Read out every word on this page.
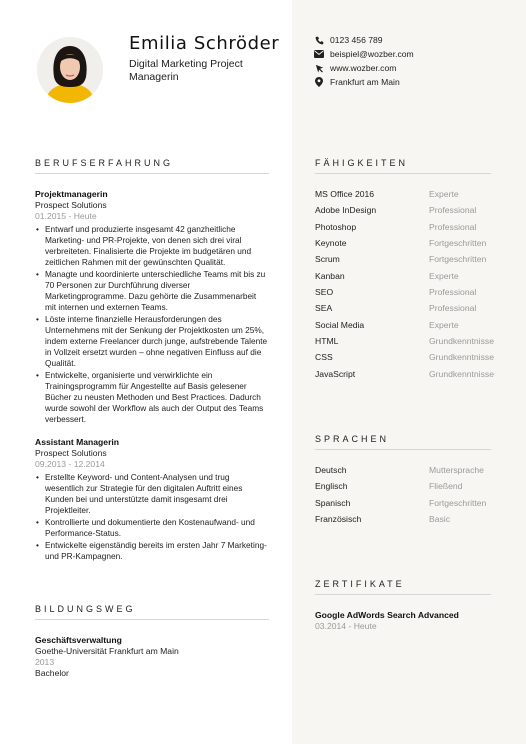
Emilia Schröder
Digital Marketing Project Managerin
0123 456 789
beispiel@wozber.com
www.wozber.com
Frankfurt am Main
BERUFSERFAHRUNG
Projektmanagerin
Prospect Solutions
01.2015 - Heute
• Entwarf und produzierte insgesamt 42 ganzheitliche Marketing- und PR-Projekte, von denen sich drei viral verbreiteten. Finalisierte die Projekte im budgetären und zeitlichen Rahmen mit der gewünschten Qualität.
• Managte und koordinierte unterschiedliche Teams mit bis zu 70 Personen zur Durchführung diverser Marketingprogramme. Dazu gehörte die Zusammenarbeit mit internen und externen Teams.
• Löste interne finanzielle Herausforderungen des Unternehmens mit der Senkung der Projektkosten um 25%, indem externe Freelancer durch junge, aufstrebende Talente in Vollzeit ersetzt wurden – ohne negativen Einfluss auf die Qualität.
• Entwickelte, organisierte und verwirklichte ein Trainingsprogramm für Angestellte auf Basis gelesener Bücher zu neusten Methoden und Best Practices. Dadurch wurde sowohl der Workflow als auch der Output des Teams verbessert.
Assistant Managerin
Prospect Solutions
09.2013 - 12.2014
• Erstellte Keyword- und Content-Analysen und trug wesentlich zur Strategie für den digitalen Auftritt eines Kunden bei und unterstützte damit insgesamt drei Projektleiter.
• Kontrollierte und dokumentierte den Kostenaufwand- und Performance-Status.
• Entwickelte eigenständig bereits im ersten Jahr 7 Marketing- und PR-Kampagnen.
BILDUNGSWEG
Geschäftsverwaltung
Goethe-Universität Frankfurt am Main
2013
Bachelor
FÄHIGKEITEN
MS Office 2016	Experte
Adobe InDesign	Professional
Photoshop	Professional
Keynote	Fortgeschritten
Scrum	Fortgeschritten
Kanban	Experte
SEO	Professional
SEA	Professional
Social Media	Experte
HTML	Grundkenntnisse
CSS	Grundkenntnisse
JavaScript	Grundkenntnisse
SPRACHEN
Deutsch	Muttersprache
Englisch	Fließend
Spanisch	Fortgeschritten
Französisch	Basic
ZERTIFIKATE
Google AdWords Search Advanced
03.2014 - Heute
